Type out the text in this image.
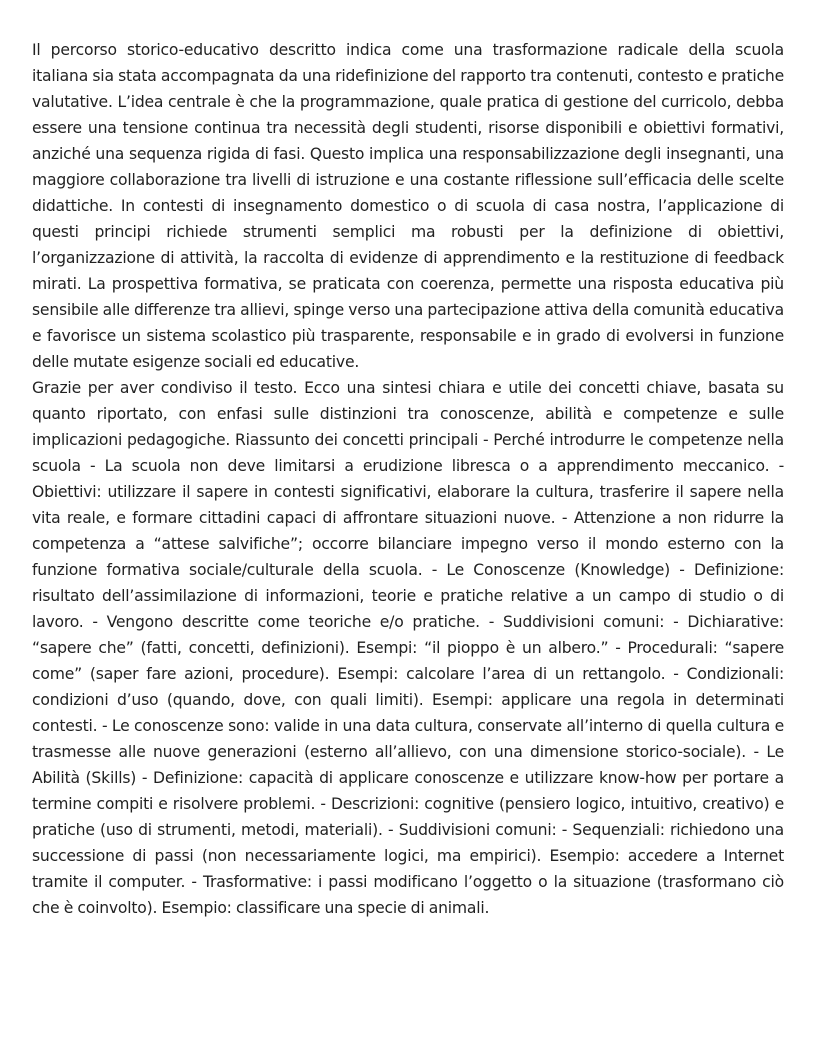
Il percorso storico-educativo descritto indica come una trasformazione radicale della scuola italiana sia stata accompagnata da una ridefinizione del rapporto tra contenuti, contesto e pratiche valutative. L’idea centrale è che la programmazione, quale pratica di gestione del curricolo, debba essere una tensione continua tra necessità degli studenti, risorse disponibili e obiettivi formativi, anziché una sequenza rigida di fasi. Questo implica una responsabilizzazione degli insegnanti, una maggiore collaborazione tra livelli di istruzione e una costante riflessione sull’efficacia delle scelte didattiche. In contesti di insegnamento domestico o di scuola di casa nostra, l’applicazione di questi principi richiede strumenti semplici ma robusti per la definizione di obiettivi, l’organizzazione di attività, la raccolta di evidenze di apprendimento e la restituzione di feedback mirati. La prospettiva formativa, se praticata con coerenza, permette una risposta educativa più sensibile alle differenze tra allievi, spinge verso una partecipazione attiva della comunità educativa e favorisce un sistema scolastico più trasparente, responsabile e in grado di evolversi in funzione delle mutate esigenze sociali ed educative.

Grazie per aver condiviso il testo. Ecco una sintesi chiara e utile dei concetti chiave, basata su quanto riportato, con enfasi sulle distinzioni tra conoscenze, abilità e competenze e sulle implicazioni pedagogiche. Riassunto dei concetti principali - Perché introdurre le competenze nella scuola - La scuola non deve limitarsi a erudizione libresca o a apprendimento meccanico. - Obiettivi: utilizzare il sapere in contesti significativi, elaborare la cultura, trasferire il sapere nella vita reale, e formare cittadini capaci di affrontare situazioni nuove. - Attenzione a non ridurre la competenza a “attese salvifiche”; occorre bilanciare impegno verso il mondo esterno con la funzione formativa sociale/culturale della scuola. - Le Conoscenze (Knowledge) - Definizione: risultato dell’assimilazione di informazioni, teorie e pratiche relative a un campo di studio o di lavoro. - Vengono descritte come teoriche e/o pratiche. - Suddivisioni comuni: - Dichiarative: “sapere che” (fatti, concetti, definizioni). Esempi: “il pioppo è un albero.” - Procedurali: “sapere come” (saper fare azioni, procedure). Esempi: calcolare l’area di un rettangolo. - Condizionali: condizioni d’uso (quando, dove, con quali limiti). Esempi: applicare una regola in determinati contesti. - Le conoscenze sono: valide in una data cultura, conservate all’interno di quella cultura e trasmesse alle nuove generazioni (esterno all’allievo, con una dimensione storico-sociale). - Le Abilità (Skills) - Definizione: capacità di applicare conoscenze e utilizzare know-how per portare a termine compiti e risolvere problemi. - Descrizioni: cognitive (pensiero logico, intuitivo, creativo) e pratiche (uso di strumenti, metodi, materiali). - Suddivisioni comuni: - Sequenziali: richiedono una successione di passi (non necessariamente logici, ma empirici). Esempio: accedere a Internet tramite il computer. - Trasformative: i passi modificano l’oggetto o la situazione (trasformano ciò che è coinvolto). Esempio: classificare una specie di animali.
